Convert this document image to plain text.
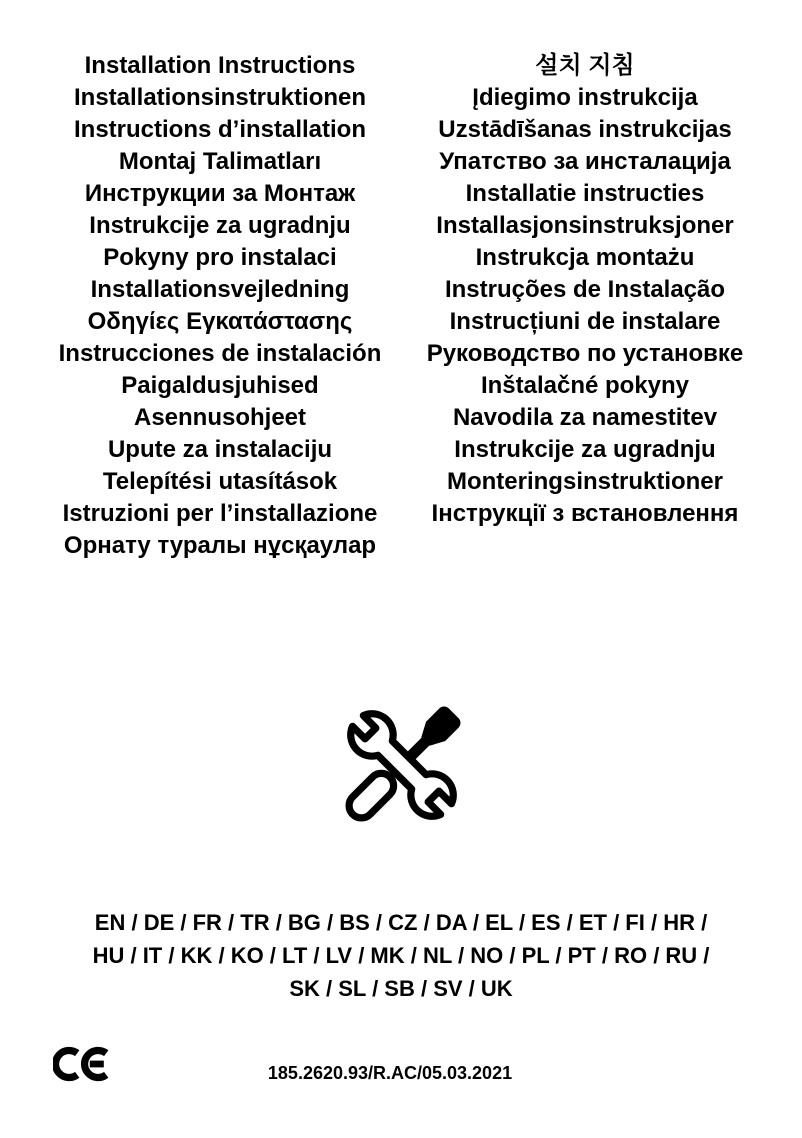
Installation Instructions
Installationsinstruktionen
Instructions d’installation
Montaj Talimatları
Инструкции за Монтаж
Instrukcije za ugradnju
Pokyny pro instalaci
Installationsvejledning
Οδηγίες Εγκατάστασης
Instrucciones de instalación
Paigaldusjuhised
Asennusohjeet
Upute za instalaciju
Telepítési utasítások
Istruzioni per l’installazione
Орнату туралы нұсқаулар
설치 지침
Įdiegimo instrukcija
Uzstādīšanas instrukcijas
Упатство за инсталација
Installatie instructies
Installasjonsinstruksjoner
Instrukcja montażu
Instruções de Instalação
Instrucțiuni de instalare
Руководство по установке
Inštalačné pokyny
Navodila za namestitev
Instrukcije za ugradnju
Monteringsinstruktioner
Інструкції з встановлення
EN / DE / FR / TR / BG / BS / CZ / DA / EL / ES / ET / FI / HR /
HU / IT / KK / KO / LT / LV / MK / NL / NO / PL / PT / RO / RU /
SK / SL / SB / SV / UK
185.2620.93/R.AC/05.03.2021
